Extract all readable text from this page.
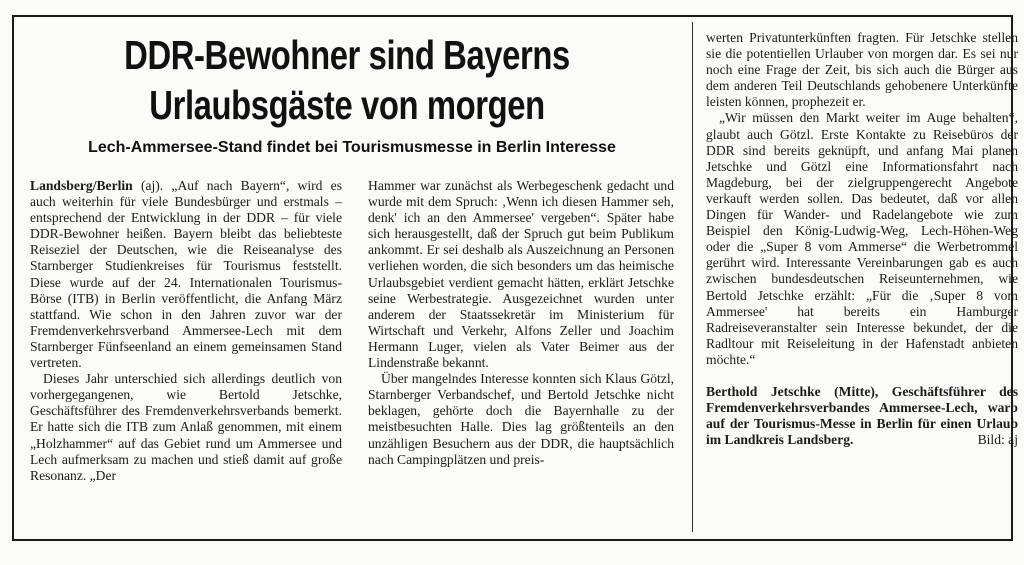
DDR-Bewohner sind Bayerns
Urlaubsgäste von morgen
Lech-Ammersee-Stand findet bei Tourismusmesse in Berlin Interesse

Landsberg/Berlin (aj). „Auf nach Bayern“, wird es auch weiterhin für viele Bundesbürger und erstmals – entsprechend der Entwicklung in der DDR – für viele DDR-Bewohner heißen. Bayern bleibt das beliebteste Reiseziel der Deutschen, wie die Reiseanalyse des Starnberger Studienkreises für Tourismus feststellt. Diese wurde auf der 24. Internationalen Tourismus-Börse (ITB) in Berlin veröffentlicht, die Anfang März stattfand. Wie schon in den Jahren zuvor war der Fremdenverkehrsverband Ammersee-Lech mit dem Starnberger Fünfseenland an einem gemeinsamen Stand vertreten.

Dieses Jahr unterschied sich allerdings deutlich von vorhergegangenen, wie Bertold Jetschke, Geschäftsführer des Fremdenverkehrsverbands bemerkt. Er hatte sich die ITB zum Anlaß genommen, mit einem „Holzhammer“ auf das Gebiet rund um Ammersee und Lech aufmerksam zu machen und stieß damit auf große Resonanz. „Der

Hammer war zunächst als Werbegeschenk gedacht und wurde mit dem Spruch: ‚Wenn ich diesen Hammer seh, denk' ich an den Ammersee' vergeben“. Später habe sich herausgestellt, daß der Spruch gut beim Publikum ankommt. Er sei deshalb als Auszeichnung an Personen verliehen worden, die sich besonders um das heimische Urlaubsgebiet verdient gemacht hätten, erklärt Jetschke seine Werbestrategie. Ausgezeichnet wurden unter anderem der Staatssekretär im Ministerium für Wirtschaft und Verkehr, Alfons Zeller und Joachim Hermann Luger, vielen als Vater Beimer aus der Lindenstraße bekannt.

Über mangelndes Interesse konnten sich Klaus Götzl, Starnberger Verbandschef, und Bertold Jetschke nicht beklagen, gehörte doch die Bayernhalle zu der meistbesuchten Halle. Dies lag größtenteils an den unzähligen Besuchern aus der DDR, die hauptsächlich nach Campingplätzen und preis-

werten Privatunterkünften fragten. Für Jetschke stellen sie die potentiellen Urlauber von morgen dar. Es sei nur noch eine Frage der Zeit, bis sich auch die Bürger aus dem anderen Teil Deutschlands gehobenere Unterkünfte leisten können, prophezeit er.

„Wir müssen den Markt weiter im Auge behalten“, glaubt auch Götzl. Erste Kontakte zu Reisebüros der DDR sind bereits geknüpft, und anfang Mai planen Jetschke und Götzl eine Informationsfahrt nach Magdeburg, bei der zielgruppengerecht Angebote verkauft werden sollen. Das bedeutet, daß vor allen Dingen für Wander- und Radelangebote wie zum Beispiel den König-Ludwig-Weg, Lech-Höhen-Weg oder die „Super 8 vom Ammerse“ die Werbetrommel gerührt wird. Interessante Vereinbarungen gab es auch zwischen bundesdeutschen Reiseunternehmen, wie Bertold Jetschke erzählt: „Für die ‚Super 8 vom Ammersee' hat bereits ein Hamburger Radreiseveranstalter sein Interesse bekundet, der die Radltour mit Reiseleitung in der Hafenstadt anbieten möchte.“

Berthold Jetschke (Mitte), Geschäftsführer des Fremdenverkehrsverbandes Ammersee-Lech, warb auf der Tourismus-Messe in Berlin für einen Urlaub im Landkreis Landsberg.	Bild: aj
